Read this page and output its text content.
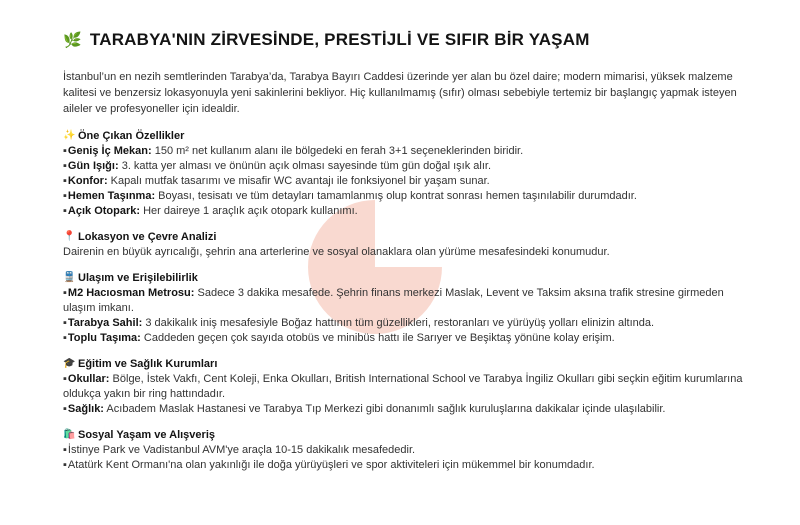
🌿 TARABYA'NIN ZİRVESİNDE, PRESTİJLİ VE SIFIR BİR YAŞAM

İstanbul’un en nezih semtlerinden Tarabya’da, Tarabya Bayırı Caddesi üzerinde yer alan bu özel daire; modern mimarisi, yüksek malzeme kalitesi ve benzersiz lokasyonuyla yeni sakinlerini bekliyor. Hiç kullanılmamış (sıfır) olması sebebiyle tertemiz bir başlangıç yapmak isteyen aileler ve profesyoneller için idealdir.

✨ Öne Çıkan Özellikler
▪Geniş İç Mekan: 150 m² net kullanım alanı ile bölgedeki en ferah 3+1 seçeneklerinden biridir.
▪Gün Işığı: 3. katta yer alması ve önünün açık olması sayesinde tüm gün doğal ışık alır.
▪Konfor: Kapalı mutfak tasarımı ve misafir WC avantajı ile fonksiyonel bir yaşam sunar.
▪Hemen Taşınma: Boyası, tesisatı ve tüm detayları tamamlanmış olup kontrat sonrası hemen taşınılabilir durumdadır.
▪Açık Otopark: Her daireye 1 araçlık açık otopark kullanımı.
📍 Lokasyon ve Çevre Analizi
Dairenin en büyük ayrıcalığı, şehrin ana arterlerine ve sosyal olanaklara olan yürüme mesafesindeki konumudur.
🚆 Ulaşım ve Erişilebilirlik
▪M2 Hacıosman Metrosu: Sadece 3 dakika mesafede. Şehrin finans merkezi Maslak, Levent ve Taksim aksına trafik stresine girmeden ulaşım imkanı.
▪Tarabya Sahil: 3 dakikalık iniş mesafesiyle Boğaz hattının tüm güzellikleri, restoranları ve yürüyüş yolları elinizin altında.
▪Toplu Taşıma: Caddeden geçen çok sayıda otobüs ve minibüs hattı ile Sarıyer ve Beşiktaş yönüne kolay erişim.
🎓 Eğitim ve Sağlık Kurumları
▪Okullar: Bölge, İstek Vakfı, Cent Koleji, Enka Okulları, British International School ve Tarabya İngiliz Okulları gibi seçkin eğitim kurumlarına oldukça yakın bir ring hattındadır.
▪Sağlık: Acıbadem Maslak Hastanesi ve Tarabya Tıp Merkezi gibi donanımlı sağlık kuruluşlarına dakikalar içinde ulaşılabilir.
🛍️ Sosyal Yaşam ve Alışveriş
▪İstinye Park ve Vadistanbul AVM'ye araçla 10-15 dakikalık mesafededir.
▪Atatürk Kent Ormanı'na olan yakınlığı ile doğa yürüyüşleri ve spor aktiviteleri için mükemmel bir konumdadır.
